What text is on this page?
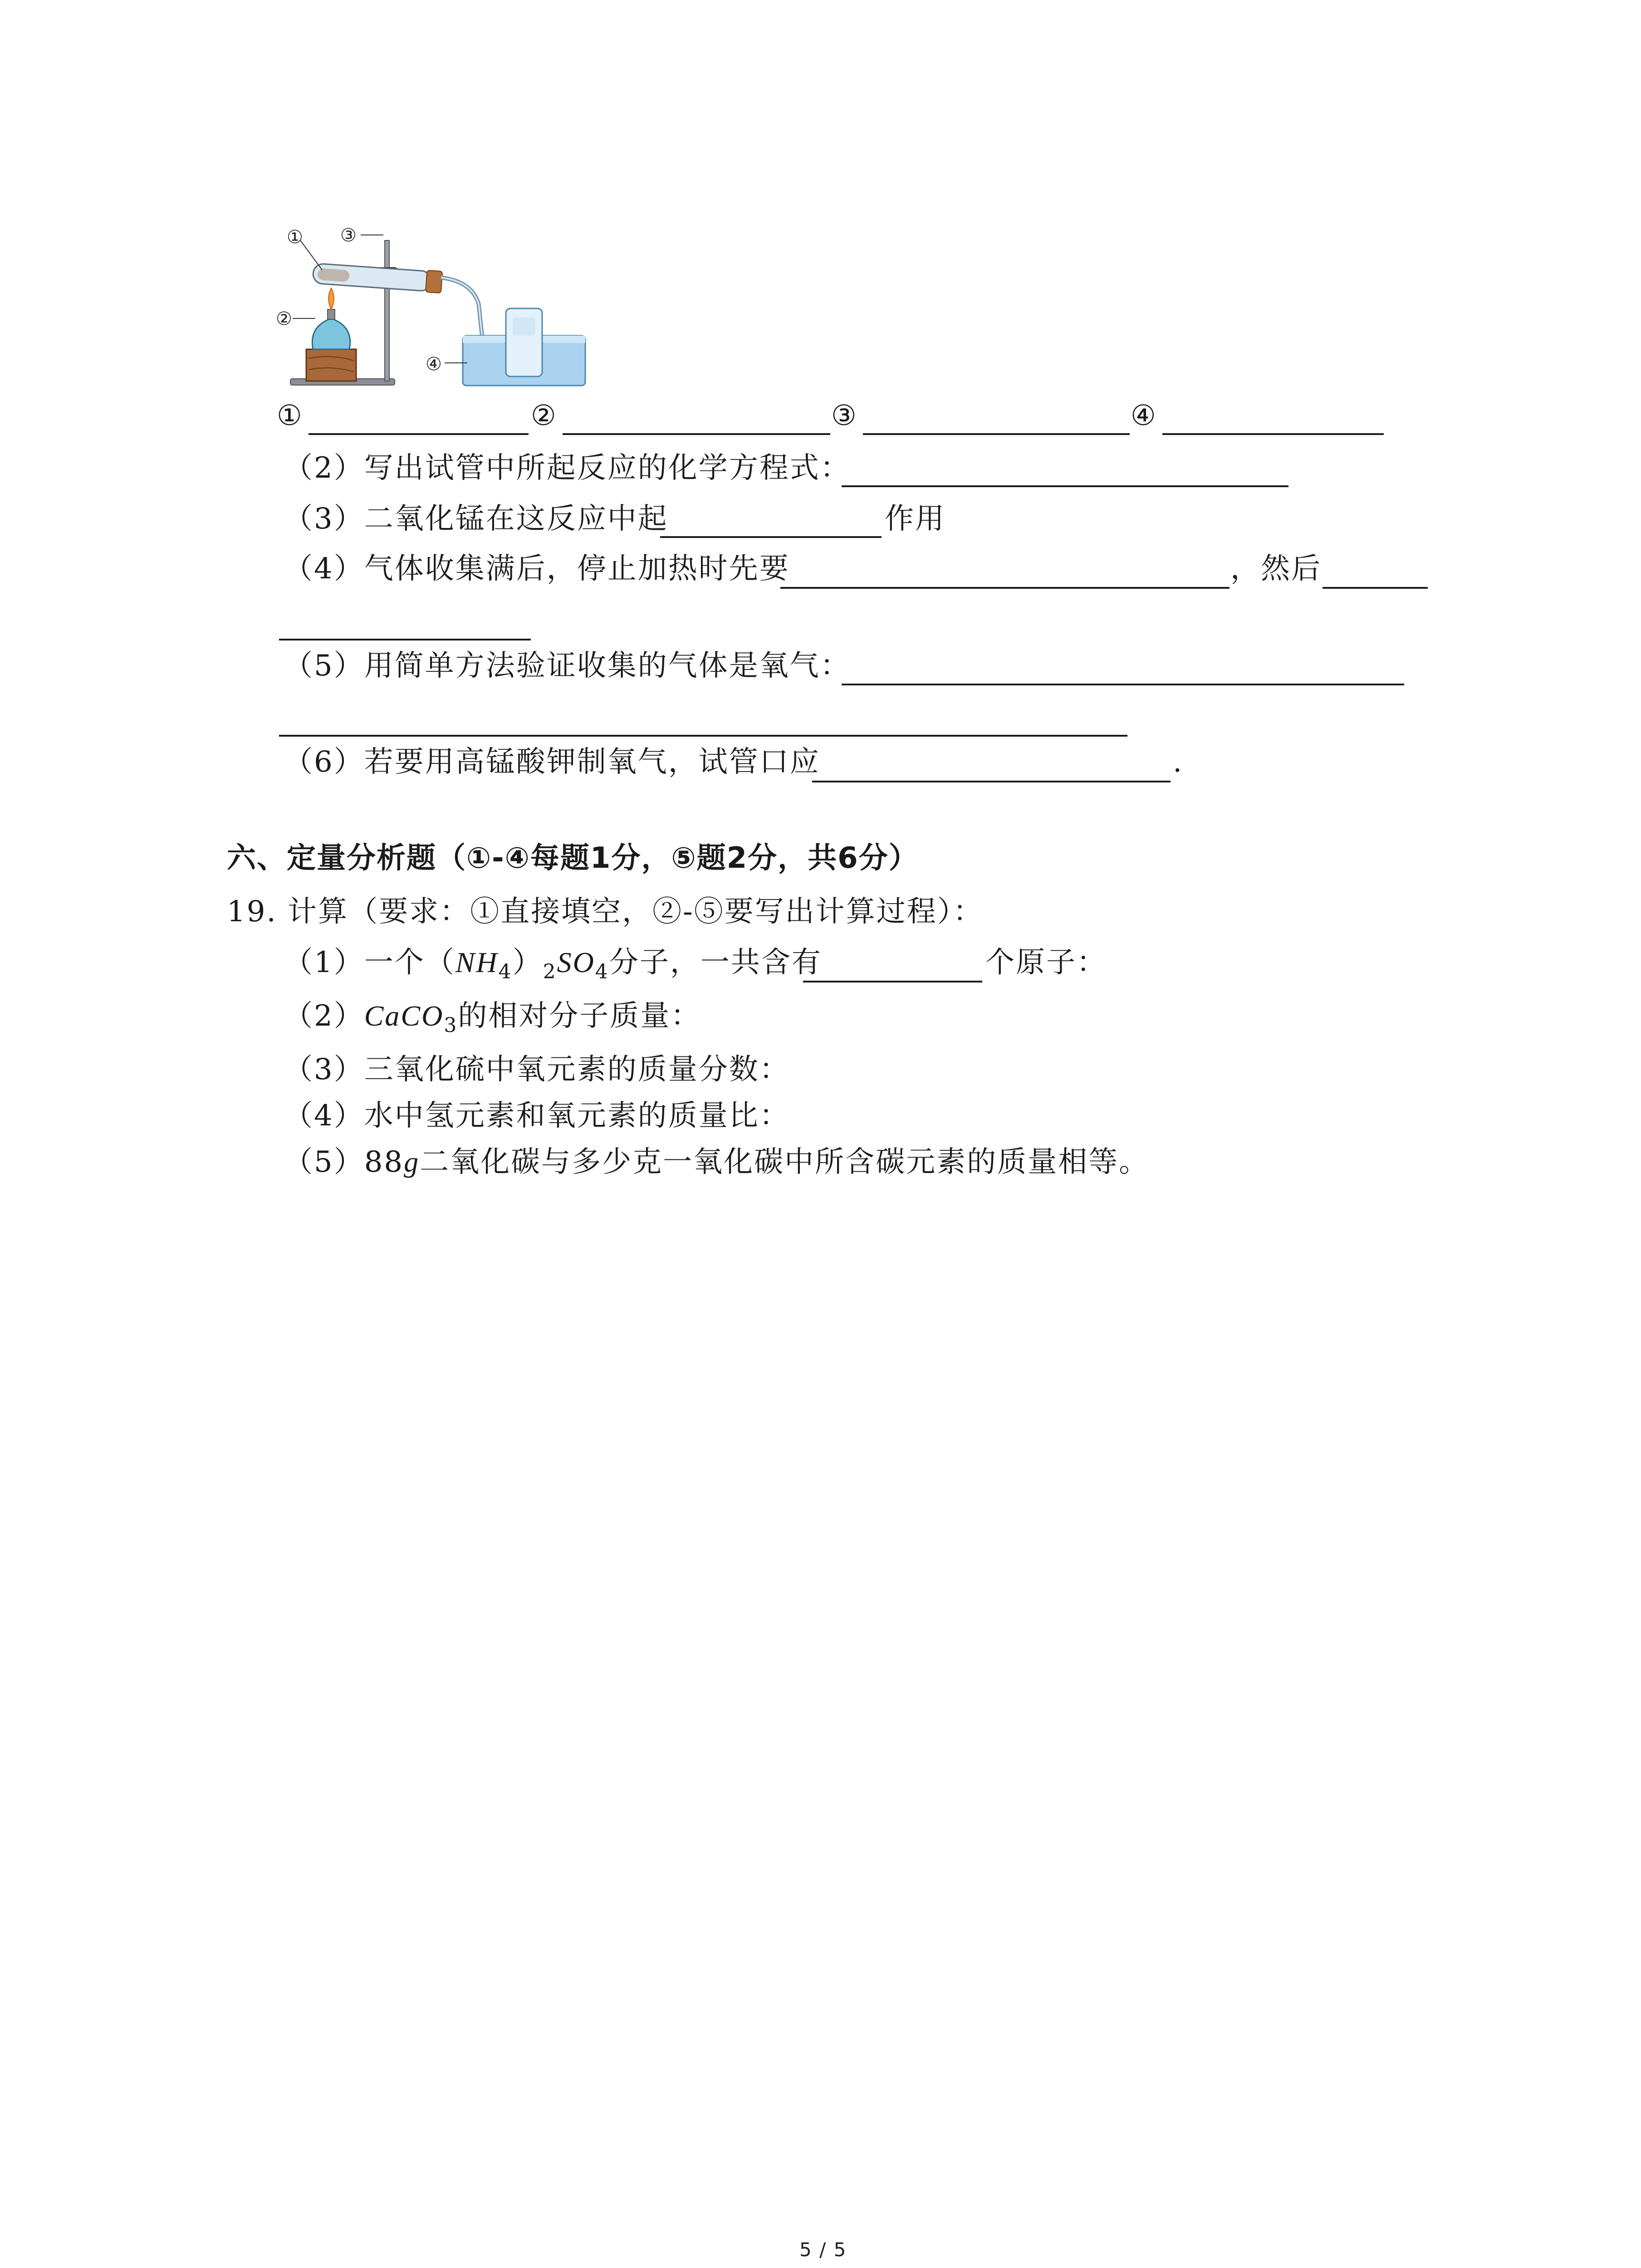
① ③
②
④
①	②	③	④
（2）写出试管中所起反应的化学方程式：
（3）二氧化锰在这反应中起	作用
（4）气体收集满后，停止加热时先要	，然后
（5）用简单方法验证收集的气体是氧气：
（6）若要用高锰酸钾制氧气，试管口应	.
六、定量分析题（①-④每题1分，⑤题2分，共6分）
19. 计算（要求：①直接填空，②-⑤要写出计算过程）：
（1）一个$(NH_4)_2SO_4$分子，一共含有	个原子：
（2）CaCO$_3$的相对分子质量：
（3）三氧化硫中氧元素的质量分数：
（4）水中氢元素和氧元素的质量比：
（5）88g二氧化碳与多少克一氧化碳中所含碳元素的质量相等。
5 / 5
